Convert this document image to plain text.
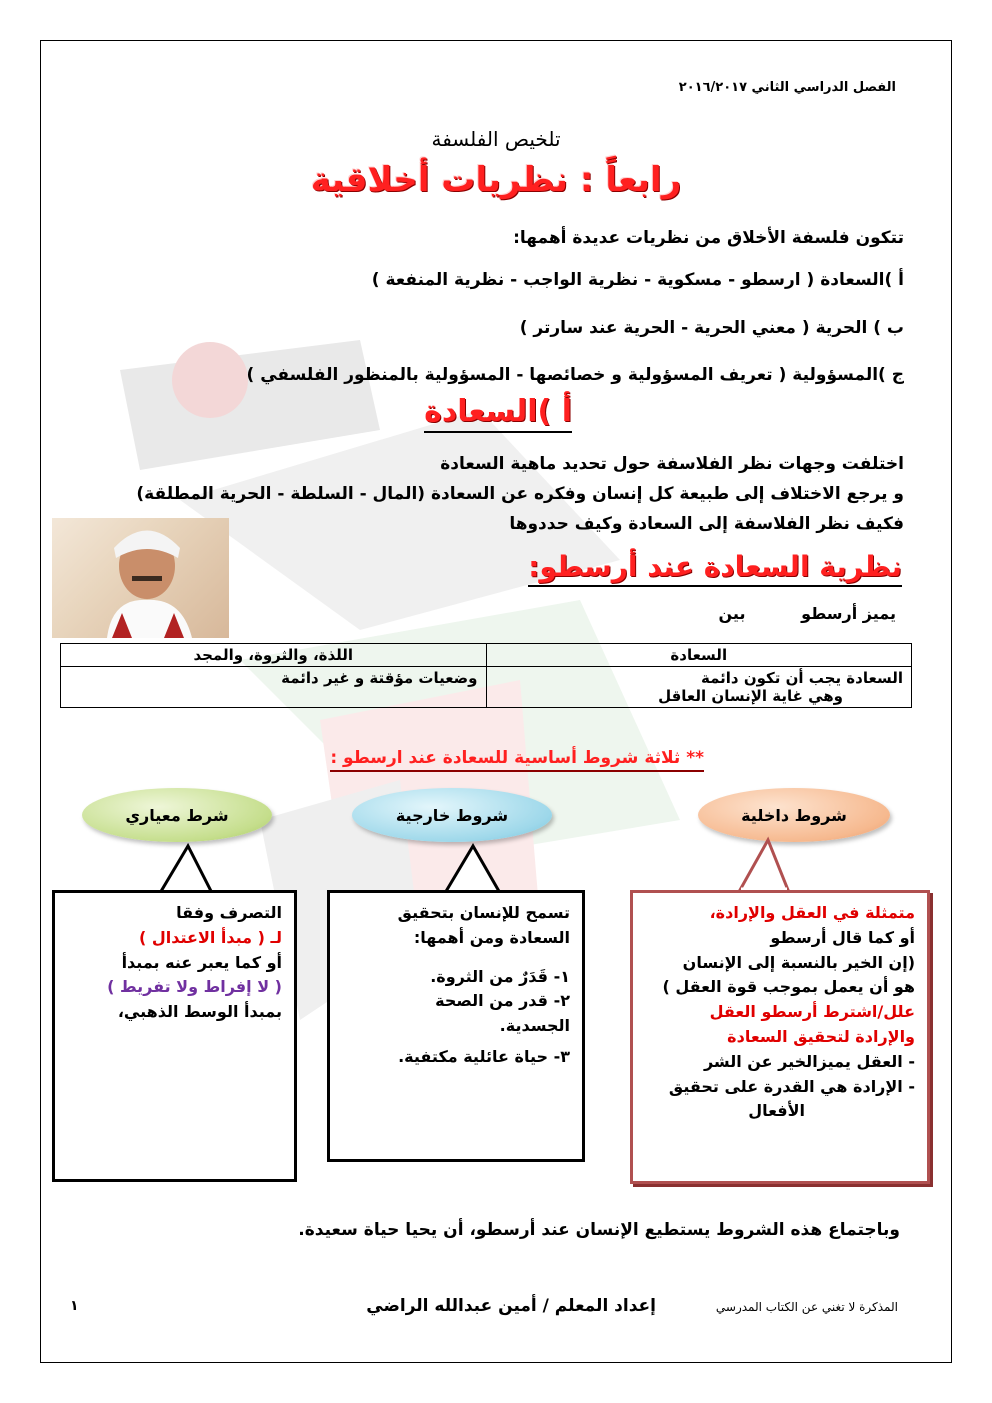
الفصل الدراسي الثاني ٢٠١٦/٢٠١٧
تلخيص الفلسفة
رابعاً : نظريات أخلاقية
تتكون فلسفة الأخلاق من نظريات عديدة أهمها:
أ )السعادة ( ارسطو - مسكوية - نظرية الواجب - نظرية المنفعة )
ب ) الحرية ( معني الحرية - الحرية عند سارتر )
ج )المسؤولية ( تعريف المسؤولية و خصائصها - المسؤولية بالمنظور الفلسفي )
أ )السعادة
اختلفت وجهات نظر الفلاسفة حول تحديد ماهية السعادة
و يرجع الاختلاف إلى طبيعة كل إنسان وفكره عن السعادة (المال - السلطة - الحرية المطلقة)
فكيف نظر الفلاسفة إلى السعادة وكيف حددوها
نظرية السعادة عند أرسطو:
يميز أرسطو          بين
السعادة	اللذة، والثروة، والمجد

السعادة يجب أن تكون دائمة
وهي غاية الإنسان العاقل	وضعيات مؤقتة و غير دائمة
** ثلاثة شروط أساسية للسعادة عند ارسطو :
شروط داخلية
شروط خارجية
شرط معياري

متمثلة في العقل والإرادة،

أو كما قال أرسطو

(إن الخير بالنسبة إلى الإنسان

هو أن يعمل بموجب قوة العقل )

علل/اشترط أرسطو العقل

والإرادة لتحقيق السعادة

- العقل يميزالخير عن الشر

- الإرادة هي القدرة على تحقيق

الأفعال

تسمح للإنسان بتحقيق

السعادة ومن أهمها:

١- قَدَرٌ من الثروة.

٢- قدر من الصحة

الجسدية.

٣- حياة عائلية مكتفية.

التصرف وفقا

لـ ( مبدأ الاعتدال )

أو كما يعبر عنه بمبدأ

( لا إفراط ولا تفريط )

بمبدأ الوسط الذهبي،

وباجتماع هذه الشروط يستطيع الإنسان عند أرسطو، أن يحيا حياة سعيدة.
إعداد المعلم / أمين عبدالله الراضي	المذكرة لا تغني عن الكتاب المدرسي
١
